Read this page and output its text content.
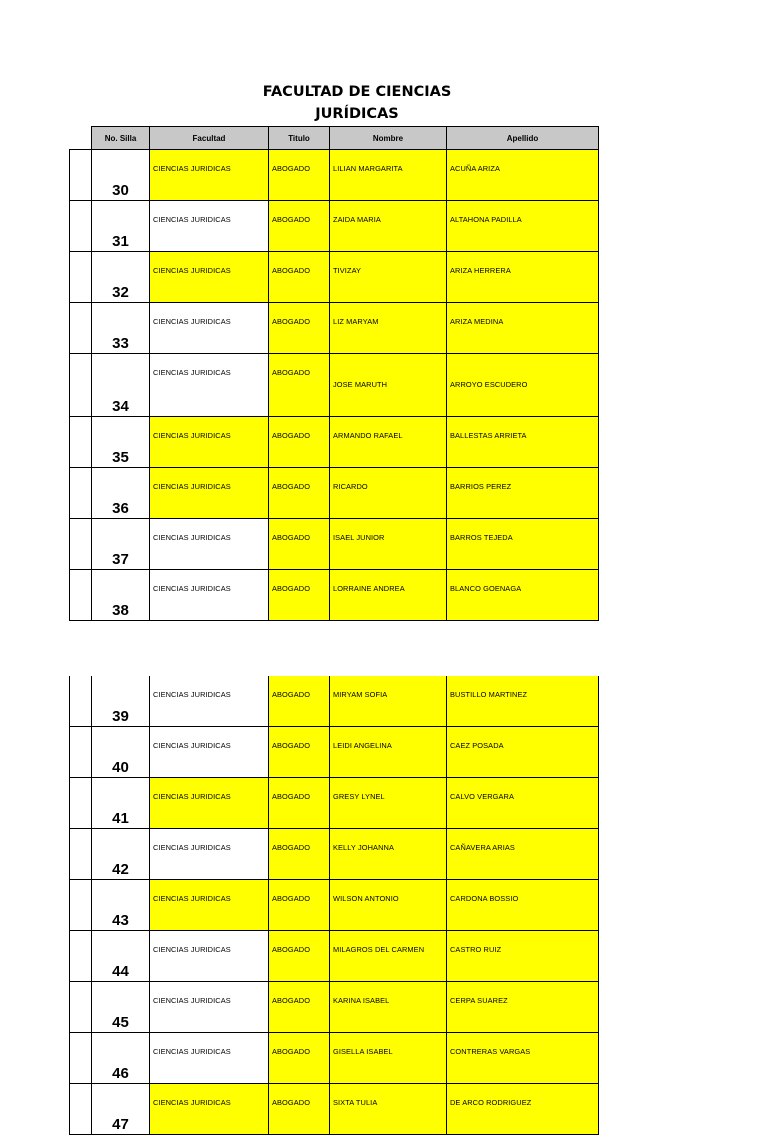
FACULTAD DE CIENCIAS
JURÍDICAS
	No. Silla	Facultad	Titulo	Nombre	Apellido
	30	CIENCIAS JURIDICAS	ABOGADO	LILIAN MARGARITA	ACUÑA ARIZA
	31	CIENCIAS JURIDICAS	ABOGADO	ZAIDA MARIA	ALTAHONA PADILLA
	32	CIENCIAS JURIDICAS	ABOGADO	TIVIZAY	ARIZA HERRERA
	33	CIENCIAS JURIDICAS	ABOGADO	LIZ MARYAM	ARIZA MEDINA
	34	CIENCIAS JURIDICAS	ABOGADO	JOSE MARUTH	ARROYO ESCUDERO
	35	CIENCIAS JURIDICAS	ABOGADO	ARMANDO RAFAEL	BALLESTAS ARRIETA
	36	CIENCIAS JURIDICAS	ABOGADO	RICARDO	BARRIOS PEREZ
	37	CIENCIAS JURIDICAS	ABOGADO	ISAEL JUNIOR	BARROS TEJEDA
	38	CIENCIAS JURIDICAS	ABOGADO	LORRAINE ANDREA	BLANCO GOENAGA
	39	CIENCIAS JURIDICAS	ABOGADO	MIRYAM SOFIA	BUSTILLO MARTINEZ
	40	CIENCIAS JURIDICAS	ABOGADO	LEIDI ANGELINA	CAEZ POSADA
	41	CIENCIAS JURIDICAS	ABOGADO	GRESY LYNEL	CALVO VERGARA
	42	CIENCIAS JURIDICAS	ABOGADO	KELLY JOHANNA	CAÑAVERA ARIAS
	43	CIENCIAS JURIDICAS	ABOGADO	WILSON ANTONIO	CARDONA BOSSIO
	44	CIENCIAS JURIDICAS	ABOGADO	MILAGROS DEL CARMEN	CASTRO RUIZ
	45	CIENCIAS JURIDICAS	ABOGADO	KARINA ISABEL	CERPA SUAREZ
	46	CIENCIAS JURIDICAS	ABOGADO	GISELLA ISABEL	CONTRERAS VARGAS
	47	CIENCIAS JURIDICAS	ABOGADO	SIXTA TULIA	DE ARCO RODRIGUEZ
